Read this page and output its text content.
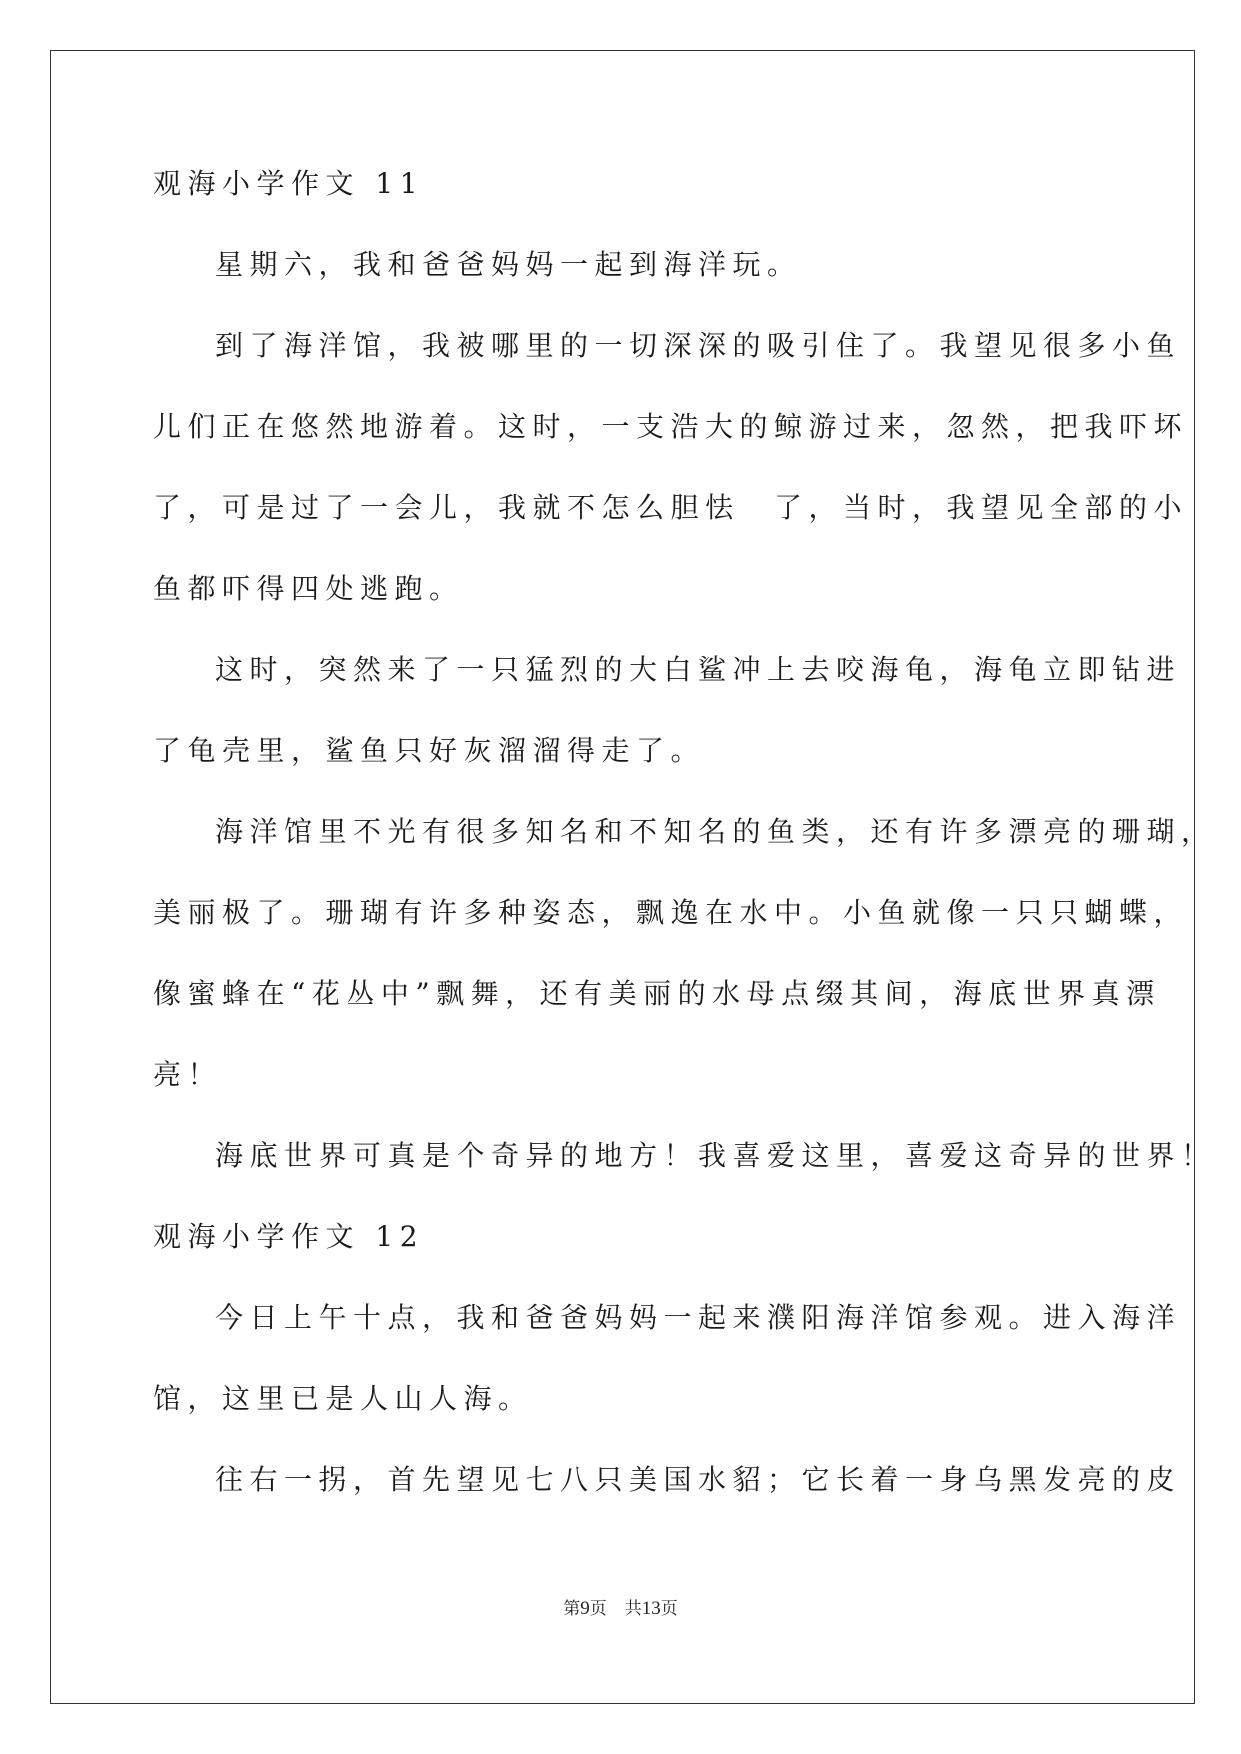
观海小学作文 11
星期六，我和爸爸妈妈一起到海洋玩。
到了海洋馆，我被哪里的一切深深的吸引住了。我望见很多小鱼
儿们正在悠然地游着。这时，一支浩大的鲸游过来，忽然，把我吓坏
了，可是过了一会儿，我就不怎么胆怯　了，当时，我望见全部的小
鱼都吓得四处逃跑。
这时，突然来了一只猛烈的大白鲨冲上去咬海龟，海龟立即钻进
了龟壳里，鲨鱼只好灰溜溜得走了。
海洋馆里不光有很多知名和不知名的鱼类，还有许多漂亮的珊瑚，
美丽极了。珊瑚有许多种姿态，飘逸在水中。小鱼就像一只只蝴蝶，
像蜜蜂在“花丛中”飘舞，还有美丽的水母点缀其间，海底世界真漂
亮！
海底世界可真是个奇异的地方！我喜爱这里，喜爱这奇异的世界！
观海小学作文 12
今日上午十点，我和爸爸妈妈一起来濮阳海洋馆参观。进入海洋
馆，这里已是人山人海。
往右一拐，首先望见七八只美国水貂；它长着一身乌黑发亮的皮
第9页 共13页
